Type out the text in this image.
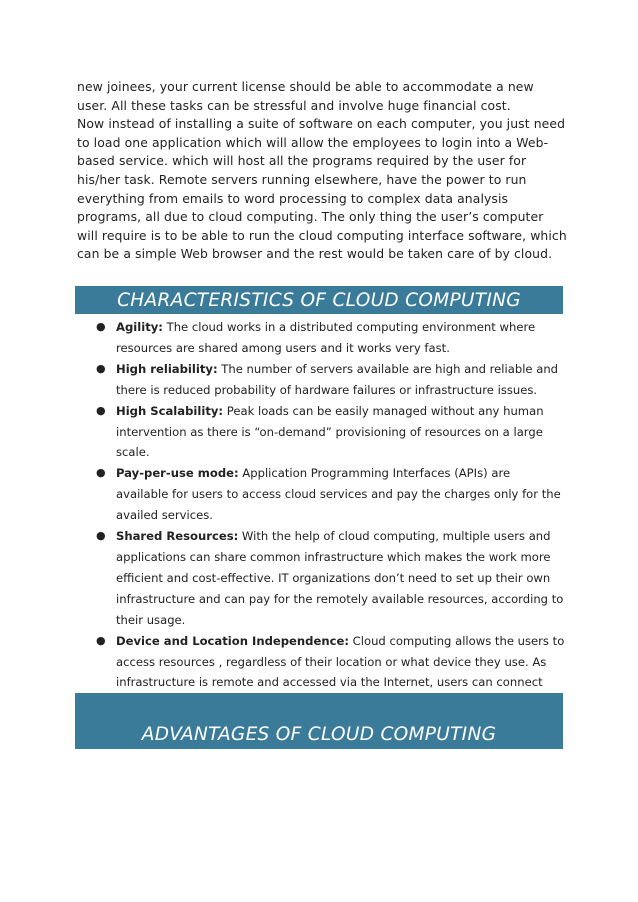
new joinees, your current license should be able to accommodate a new user. All these tasks can be stressful and involve huge financial cost.

Now instead of installing a suite of software on each computer, you just need to load one application which will allow the employees to login into a Web-based service. which will host all the programs required by the user for his/her task. Remote servers running elsewhere, have the power to run everything from emails to word processing to complex data analysis programs, all due to cloud computing. The only thing the user’s computer will require is to be able to run the cloud computing interface software, which can be a simple Web browser and the rest would be taken care of by cloud.

CHARACTERISTICS OF CLOUD COMPUTING
● Agility: The cloud works in a distributed computing environment where resources are shared among users and it works very fast.
● High reliability: The number of servers available are high and reliable and there is reduced probability of hardware failures or infrastructure issues.
● High Scalability: Peak loads can be easily managed without any human intervention as there is “on-demand” provisioning of resources on a large scale.
● Pay-per-use mode: Application Programming Interfaces (APIs) are available for users to access cloud services and pay the charges only for the availed services.
● Shared Resources: With the help of cloud computing, multiple users and applications can share common infrastructure which makes the work more efficient and cost-effective. IT organizations don’t need to set up their own infrastructure and can pay for the remotely available resources, according to their usage.
● Device and Location Independence: Cloud computing allows the users to access resources , regardless of their location or what device they use. As infrastructure is remote and accessed via the Internet, users can connect
ADVANTAGES OF CLOUD COMPUTING
